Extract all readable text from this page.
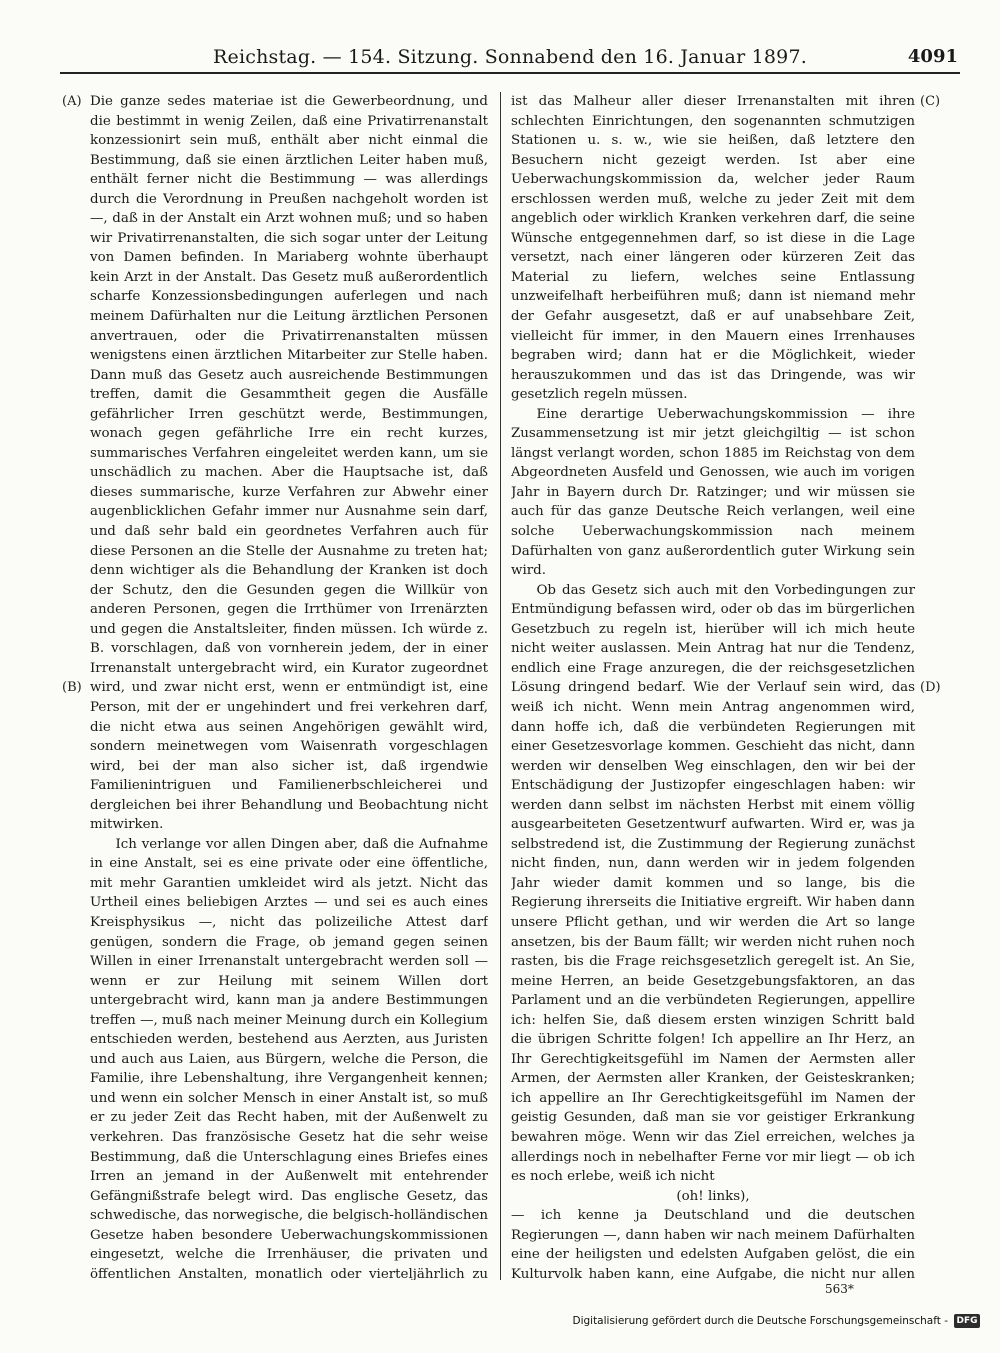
Reichstag. — 154. Sitzung. Sonnabend den 16. Januar 1897.	4091
(A)
(B)
(C)
(D)

Die ganze sedes materiae ist die Gewerbeordnung, und die bestimmt in wenig Zeilen, daß eine Privatirrenanstalt konzessionirt sein muß, enthält aber nicht einmal die Bestimmung, daß sie einen ärztlichen Leiter haben muß, enthält ferner nicht die Bestimmung — was allerdings durch die Verordnung in Preußen nachgeholt worden ist —, daß in der Anstalt ein Arzt wohnen muß; und so haben wir Privatirrenanstalten, die sich sogar unter der Leitung von Damen befinden. In Mariaberg wohnte überhaupt kein Arzt in der Anstalt. Das Gesetz muß außerordentlich scharfe Konzessionsbedingungen auferlegen und nach meinem Dafürhalten nur die Leitung ärztlichen Personen anvertrauen, oder die Privatirrenanstalten müssen wenigstens einen ärztlichen Mitarbeiter zur Stelle haben. Dann muß das Gesetz auch ausreichende Bestimmungen treffen, damit die Gesammtheit gegen die Ausfälle gefährlicher Irren geschützt werde, Bestimmungen, wonach gegen gefährliche Irre ein recht kurzes, summarisches Verfahren eingeleitet werden kann, um sie unschädlich zu machen. Aber die Hauptsache ist, daß dieses summarische, kurze Verfahren zur Abwehr einer augenblicklichen Gefahr immer nur Ausnahme sein darf, und daß sehr bald ein geordnetes Verfahren auch für diese Personen an die Stelle der Ausnahme zu treten hat; denn wichtiger als die Behandlung der Kranken ist doch der Schutz, den die Gesunden gegen die Willkür von anderen Personen, gegen die Irrthümer von Irrenärzten und gegen die Anstaltsleiter, finden müssen. Ich würde z. B. vorschlagen, daß von vornherein jedem, der in einer Irrenanstalt untergebracht wird, ein Kurator zugeordnet wird, und zwar nicht erst, wenn er entmündigt ist, eine Person, mit der er ungehindert und frei verkehren darf, die nicht etwa aus seinen Angehörigen gewählt wird, sondern meinetwegen vom Waisenrath vorgeschlagen wird, bei der man also sicher ist, daß irgendwie Familienintriguen und Familienerbschleicherei und dergleichen bei ihrer Behandlung und Beobachtung nicht mitwirken.

Ich verlange vor allen Dingen aber, daß die Aufnahme in eine Anstalt, sei es eine private oder eine öffentliche, mit mehr Garantien umkleidet wird als jetzt. Nicht das Urtheil eines beliebigen Arztes — und sei es auch eines Kreisphysikus —, nicht das polizeiliche Attest darf genügen, sondern die Frage, ob jemand gegen seinen Willen in einer Irrenanstalt untergebracht werden soll — wenn er zur Heilung mit seinem Willen dort untergebracht wird, kann man ja andere Bestimmungen treffen —, muß nach meiner Meinung durch ein Kollegium entschieden werden, bestehend aus Aerzten, aus Juristen und auch aus Laien, aus Bürgern, welche die Person, die Familie, ihre Lebenshaltung, ihre Vergangenheit kennen; und wenn ein solcher Mensch in einer Anstalt ist, so muß er zu jeder Zeit das Recht haben, mit der Außenwelt zu verkehren. Das französische Gesetz hat die sehr weise Bestimmung, daß die Unterschlagung eines Briefes eines Irren an jemand in der Außenwelt mit entehrender Gefängnißstrafe belegt wird. Das englische Gesetz, das schwedische, das norwegische, die belgisch-holländischen Gesetze haben besondere Ueberwachungskommissionen eingesetzt, welche die Irrenhäuser, die privaten und öffentlichen Anstalten, monatlich oder vierteljährlich zu

ist das Malheur aller dieser Irrenanstalten mit ihren schlechten Einrichtungen, den sogenannten schmutzigen Stationen u. s. w., wie sie heißen, daß letztere den Besuchern nicht gezeigt werden. Ist aber eine Ueberwachungskommission da, welcher jeder Raum erschlossen werden muß, welche zu jeder Zeit mit dem angeblich oder wirklich Kranken verkehren darf, die seine Wünsche entgegennehmen darf, so ist diese in die Lage versetzt, nach einer längeren oder kürzeren Zeit das Material zu liefern, welches seine Entlassung unzweifelhaft herbeiführen muß; dann ist niemand mehr der Gefahr ausgesetzt, daß er auf unabsehbare Zeit, vielleicht für immer, in den Mauern eines Irrenhauses begraben wird; dann hat er die Möglichkeit, wieder herauszukommen und das ist das Dringende, was wir gesetzlich regeln müssen.

Eine derartige Ueberwachungskommission — ihre Zusammensetzung ist mir jetzt gleichgiltig — ist schon längst verlangt worden, schon 1885 im Reichstag von dem Abgeordneten Ausfeld und Genossen, wie auch im vorigen Jahr in Bayern durch Dr. Ratzinger; und wir müssen sie auch für das ganze Deutsche Reich verlangen, weil eine solche Ueberwachungskommission nach meinem Dafürhalten von ganz außerordentlich guter Wirkung sein wird.

Ob das Gesetz sich auch mit den Vorbedingungen zur Entmündigung befassen wird, oder ob das im bürgerlichen Gesetzbuch zu regeln ist, hierüber will ich mich heute nicht weiter auslassen. Mein Antrag hat nur die Tendenz, endlich eine Frage anzuregen, die der reichsgesetzlichen Lösung dringend bedarf. Wie der Verlauf sein wird, das weiß ich nicht. Wenn mein Antrag angenommen wird, dann hoffe ich, daß die verbündeten Regierungen mit einer Gesetzesvorlage kommen. Geschieht das nicht, dann werden wir denselben Weg einschlagen, den wir bei der Entschädigung der Justizopfer eingeschlagen haben: wir werden dann selbst im nächsten Herbst mit einem völlig ausgearbeiteten Gesetzentwurf aufwarten. Wird er, was ja selbstredend ist, die Zustimmung der Regierung zunächst nicht finden, nun, dann werden wir in jedem folgenden Jahr wieder damit kommen und so lange, bis die Regierung ihrerseits die Initiative ergreift. Wir haben dann unsere Pflicht gethan, und wir werden die Art so lange ansetzen, bis der Baum fällt; wir werden nicht ruhen noch rasten, bis die Frage reichsgesetzlich geregelt ist. An Sie, meine Herren, an beide Gesetzgebungsfaktoren, an das Parlament und an die verbündeten Regierungen, appellire ich: helfen Sie, daß diesem ersten winzigen Schritt bald die übrigen Schritte folgen! Ich appellire an Ihr Herz, an Ihr Gerechtigkeitsgefühl im Namen der Aermsten aller Armen, der Aermsten aller Kranken, der Geisteskranken; ich appellire an Ihr Gerechtigkeitsgefühl im Namen der geistig Gesunden, daß man sie vor geistiger Erkrankung bewahren möge. Wenn wir das Ziel erreichen, welches ja allerdings noch in nebelhafter Ferne vor mir liegt — ob ich es noch erlebe, weiß ich nicht

(oh! links),

— ich kenne ja Deutschland und die deutschen Regierungen —, dann haben wir nach meinem Dafürhalten eine der heiligsten und edelsten Aufgaben gelöst, die ein Kulturvolk haben kann, eine Aufgabe, die nicht nur allen

563*
Digitalisierung gefördert durch die Deutsche Forschungsgemeinschaft - DFG
